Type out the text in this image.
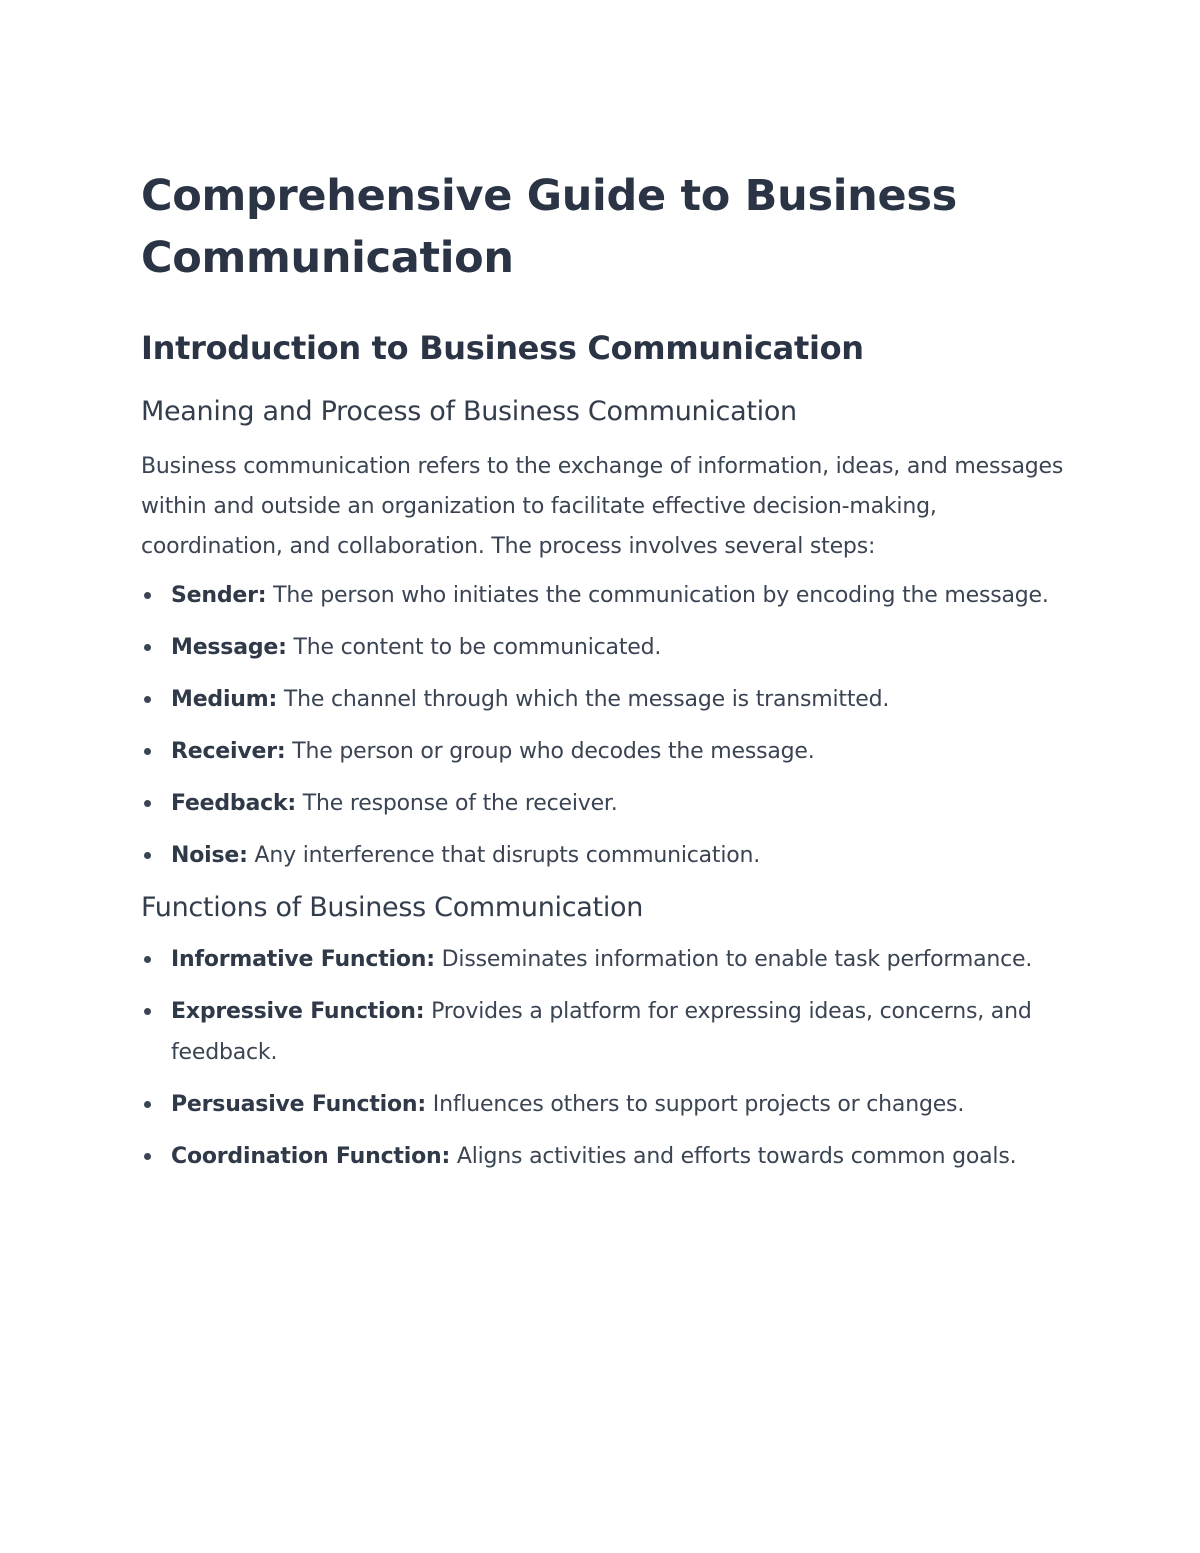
Comprehensive Guide to Business Communication
Introduction to Business Communication
Meaning and Process of Business Communication

Business communication refers to the exchange of information, ideas, and messages within and outside an organization to facilitate effective decision-making, coordination, and collaboration. The process involves several steps:

Sender: The person who initiates the communication by encoding the message.
Message: The content to be communicated.
Medium: The channel through which the message is transmitted.
Receiver: The person or group who decodes the message.
Feedback: The response of the receiver.
Noise: Any interference that disrupts communication.
Functions of Business Communication
Informative Function: Disseminates information to enable task performance.
Expressive Function: Provides a platform for expressing ideas, concerns, and feedback.
Persuasive Function: Influences others to support projects or changes.
Coordination Function: Aligns activities and efforts towards common goals.
